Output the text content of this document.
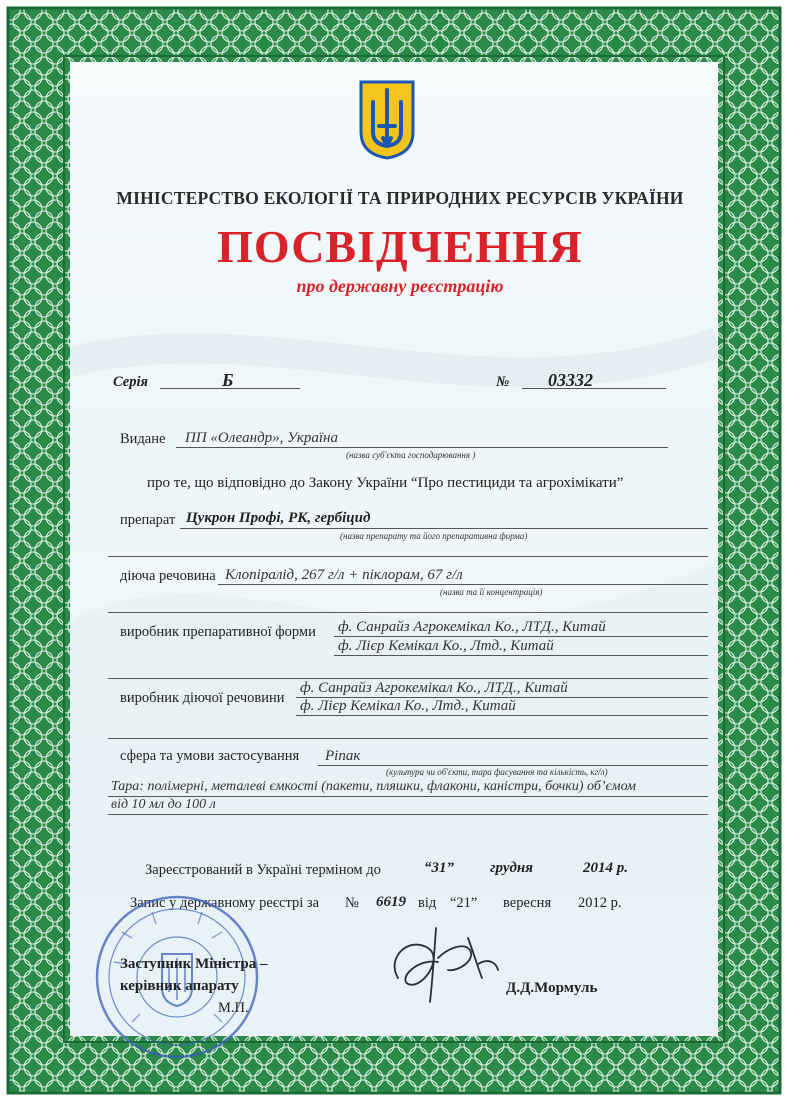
МІНІСТЕРСТВО ЕКОЛОГІЇ ТА ПРИРОДНИХ РЕСУРСІВ УКРАЇНИ
ПОСВІДЧЕННЯ
про державну реєстрацію
Серія	Б	№ 03332
Видане ПП «Олеандр», Україна
(назва суб'єкта господарювання )
про те, що відповідно до Закону України “Про пестициди та агрохімікати”
препарат Цукрон Профі, РК, гербіцид
(назва препарату та його препаративна форма)
діюча речовина Клопіралід, 267 г/л + піклорам, 67 г/л
(назва та її концентрація)
виробник препаративної форми ф. Санрайз Агрокемікал Ко., ЛТД., Китай
ф. Лієр Кемікал Ко., Лтд., Китай
виробник діючої речовини
ф. Санрайз Агрокемікал Ко., ЛТД., Китай
ф. Лієр Кемікал Ко., Лтд., Китай
сфера та умови застосування Ріпак
(культура чи об'єкти, тара фасування та кількість, кг/л)
Тара: полімерні, металеві ємкості (пакети, пляшки, флакони, каністри, бочки) об’ємом
від 10 мл до 100 л
Зареєстрований в Україні терміном до	“31” грудня	2014 р.
Запис у державному реєстрі за № 6619 від “21” вересня 2012 р.
Заступник Міністра –
керівник апарату
М.П.
Д.Д.Мормуль
